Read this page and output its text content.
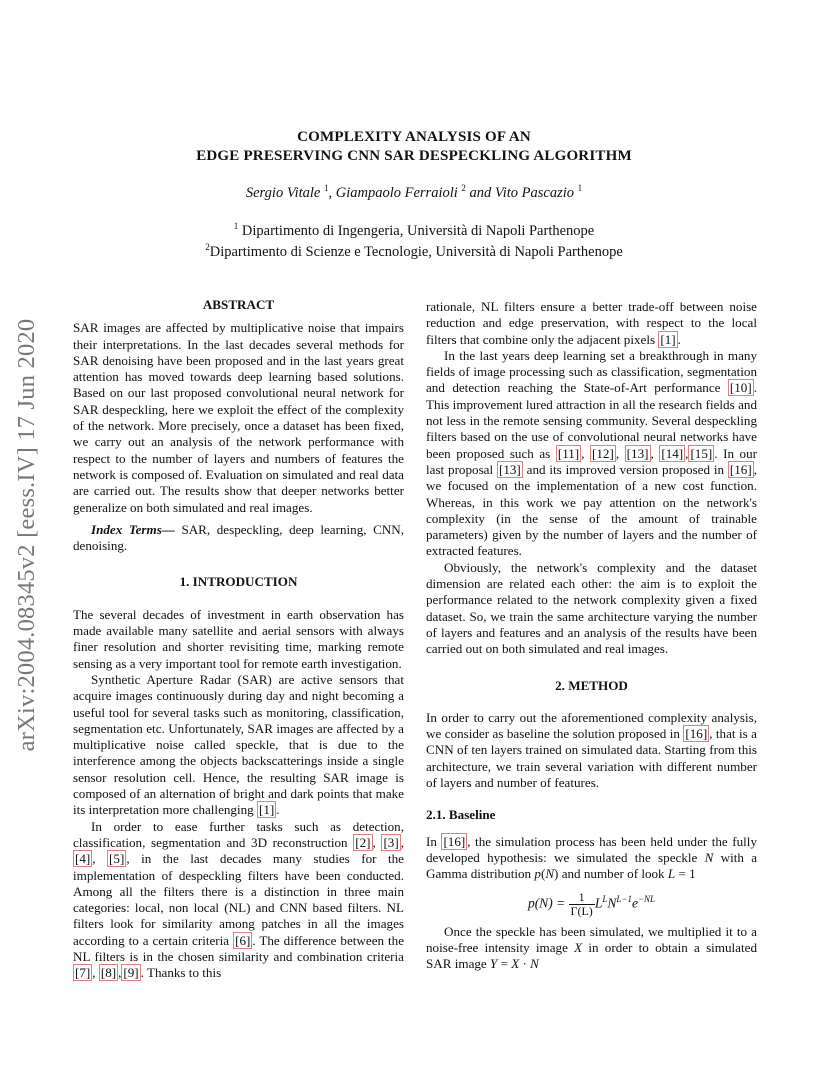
arXiv:2004.08345v2 [eess.IV] 17 Jun 2020
COMPLEXITY ANALYSIS OF AN
EDGE PRESERVING CNN SAR DESPECKLING ALGORITHM
Sergio Vitale $^1$, Giampaolo Ferraioli $^2$ and Vito Pascazio $^1$
$^1$ Dipartimento di Ingengeria, Università di Napoli Parthenope
$^2$Dipartimento di Scienze e Tecnologie, Università di Napoli Parthenope
ABSTRACT

SAR images are affected by multiplicative noise that impairs their interpretations. In the last decades several methods for SAR denoising have been proposed and in the last years great attention has moved towards deep learning based solutions. Based on our last proposed convolutional neural network for SAR despeckling, here we exploit the effect of the complexity of the network. More precisely, once a dataset has been fixed, we carry out an analysis of the network performance with respect to the number of layers and numbers of features the network is composed of. Evaluation on simulated and real data are carried out. The results show that deeper networks better generalize on both simulated and real images.

Index Terms— SAR, despeckling, deep learning, CNN, denoising.

1. INTRODUCTION

The several decades of investment in earth observation has made available many satellite and aerial sensors with always finer resolution and shorter revisiting time, marking remote sensing as a very important tool for remote earth investigation.

Synthetic Aperture Radar (SAR) are active sensors that acquire images continuously during day and night becoming a useful tool for several tasks such as monitoring, classification, segmentation etc. Unfortunately, SAR images are affected by a multiplicative noise called speckle, that is due to the interference among the objects backscatterings inside a single sensor resolution cell. Hence, the resulting SAR image is composed of an alternation of bright and dark points that make its interpretation more challenging [1] .

In order to ease further tasks such as detection, classification, segmentation and 3D reconstruction [2] , [3] ,[4] , [5] , in the last decades many studies for the implementation of despeckling filters have been conducted. Among all the filters there is a distinction in three main categories: local, non local (NL) and CNN based filters. NL filters look for similarity among patches in all the images according to a certain criteria [6] . The difference between the NL filters is in the chosen similarity and combination criteria [7] , [8] , [9] . Thanks to this

rationale, NL filters ensure a better trade-off between noise reduction and edge preservation, with respect to the local filters that combine only the adjacent pixels [1] .

In the last years deep learning set a breakthrough in many fields of image processing such as classification, segmentation and detection reaching the State-of-Art performance [10] . This improvement lured attraction in all the research fields and not less in the remote sensing community. Several despeckling filters based on the use of convolutional neural networks have been proposed such as [11] , [12] , [13] , [14] , [15] . In our last proposal [13] and its improved version proposed in [16] , we focused on the implementation of a new cost function. Whereas, in this work we pay attention on the network's complexity (in the sense of the amount of trainable parameters) given by the number of layers and the number of extracted features.

Obviously, the network's complexity and the dataset dimension are related each other: the aim is to exploit the performance related to the network complexity given a fixed dataset. So, we train the same architecture varying the number of layers and features and an analysis of the results have been carried out on both simulated and real images.

2. METHOD

In order to carry out the aforementioned complexity analysis, we consider as baseline the solution proposed in [16] , that is a CNN of ten layers trained on simulated data. Starting from this architecture, we train several variation with different number of layers and number of features.

2.1. Baseline

In [16] , the simulation process has been held under the fully developed hypothesis: we simulated the speckle N with a Gamma distribution p(N) and number of look L = 1

$p(N) = \frac{1}{\Gamma(L)} L^LN^{L-1}e^{-NL}$

Once the speckle has been simulated, we multiplied it to a noise-free intensity image X in order to obtain a simulated SAR image Y = X · N
